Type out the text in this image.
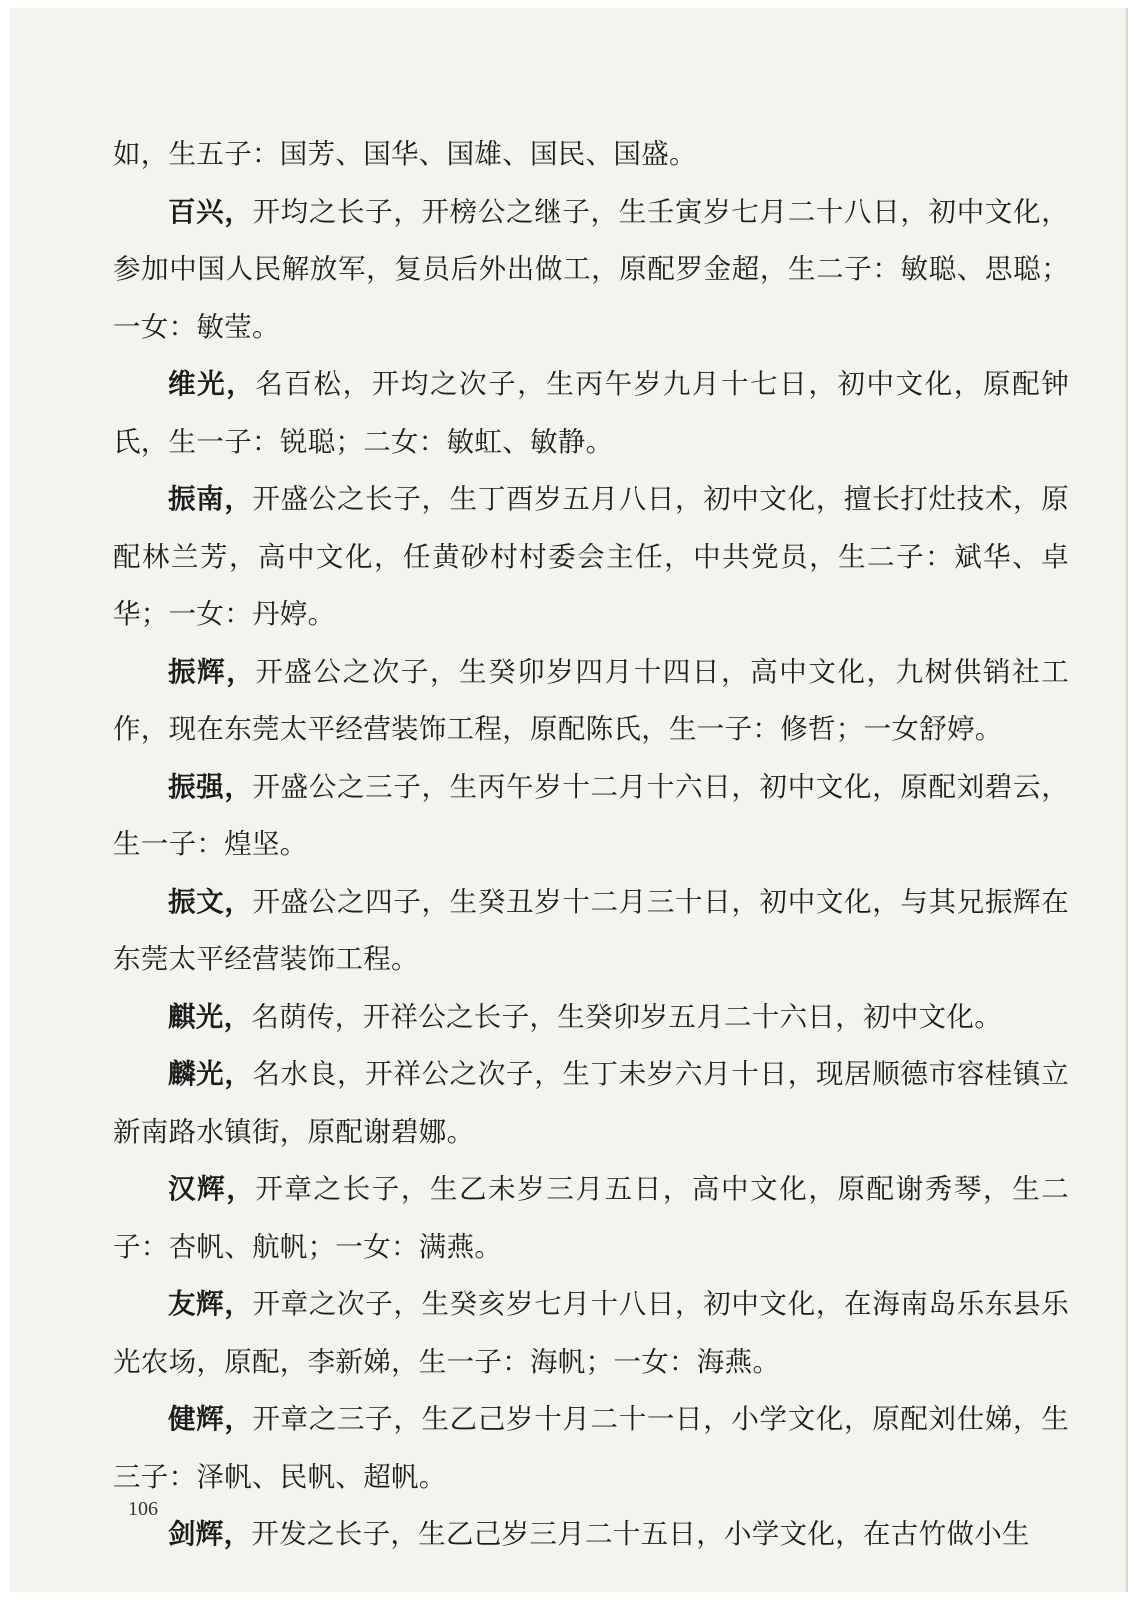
如，生五子：国芳、国华、国雄、国民、国盛。

百兴，开均之长子，开榜公之继子，生壬寅岁七月二十八日，初中文化，参加中国人民解放军，复员后外出做工，原配罗金超，生二子：敏聪、思聪；一女：敏莹。

维光，名百松，开均之次子，生丙午岁九月十七日，初中文化，原配钟氏，生一子：锐聪；二女：敏虹、敏静。

振南，开盛公之长子，生丁酉岁五月八日，初中文化，擅长打灶技术，原配林兰芳，高中文化，任黄砂村村委会主任，中共党员，生二子：斌华、卓华；一女：丹婷。

振辉，开盛公之次子，生癸卯岁四月十四日，高中文化，九树供销社工作，现在东莞太平经营装饰工程，原配陈氏，生一子：修哲；一女舒婷。

振强，开盛公之三子，生丙午岁十二月十六日，初中文化，原配刘碧云，生一子：煌坚。

振文，开盛公之四子，生癸丑岁十二月三十日，初中文化，与其兄振辉在东莞太平经营装饰工程。

麒光，名荫传，开祥公之长子，生癸卯岁五月二十六日，初中文化。

麟光，名水良，开祥公之次子，生丁未岁六月十日，现居顺德市容桂镇立新南路水镇街，原配谢碧娜。

汉辉，开章之长子，生乙未岁三月五日，高中文化，原配谢秀琴，生二子：杏帆、航帆；一女：满燕。

友辉，开章之次子，生癸亥岁七月十八日，初中文化，在海南岛乐东县乐光农场，原配，李新娣，生一子：海帆；一女：海燕。

健辉，开章之三子，生乙己岁十月二十一日，小学文化，原配刘仕娣，生三子：泽帆、民帆、超帆。

剑辉，开发之长子，生乙己岁三月二十五日，小学文化，在古竹做小生

106
